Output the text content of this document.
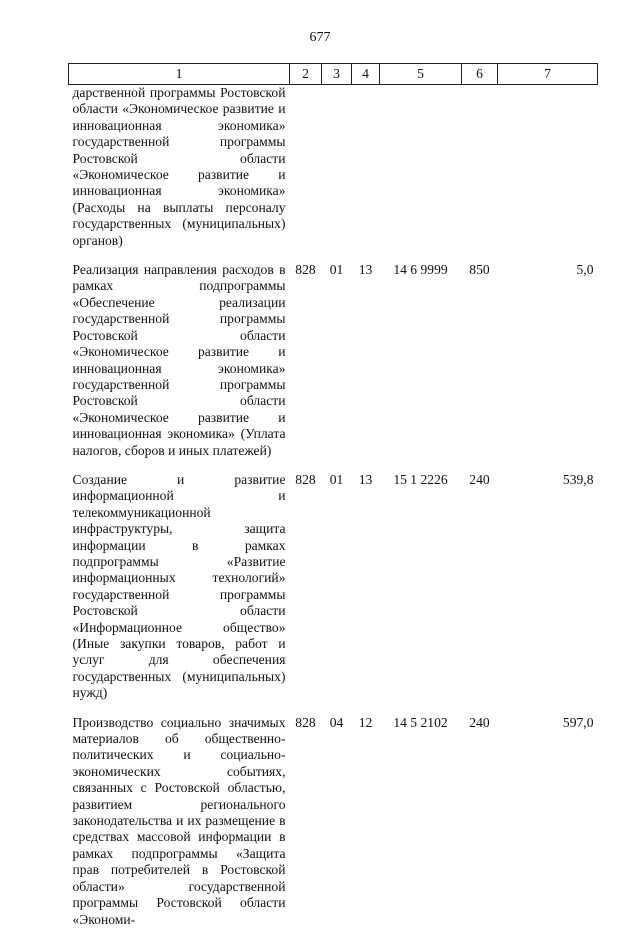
677
1	2	3	4	5	6	7
дарственной программы Ростовской области «Экономическое развитие и инновационная экономика» государственной программы Ростовской области «Экономическое развитие и инновационная экономика» (Расходы на выплаты персоналу государственных (муниципальных) органов)						

Реализация направления расходов в рамках подпрограммы «Обеспечение реализации государственной программы Ростовской области «Экономическое развитие и инновационная экономика» государственной программы Ростовской области «Экономическое развитие и инновационная экономика» (Уплата налогов, сборов и иных платежей)	828	01	13	14 6 9999	850	5,0

Создание и развитие информационной и телекоммуникационной инфраструктуры, защита информации в рамках подпрограммы «Развитие информационных технологий» государственной программы Ростовской области «Информационное общество» (Иные закупки товаров, работ и услуг для обеспечения государственных (муниципальных) нужд)	828	01	13	15 1 2226	240	539,8

Производство социально значимых материалов об общественно-политических и социально-экономических событиях, связанных с Ростовской областью, развитием регионального законодательства и их размещение в средствах массовой информации в рамках подпрограммы «Защита прав потребителей в Ростовской области» государственной программы Ростовской области «Экономи-	828	04	12	14 5 2102	240	597,0
